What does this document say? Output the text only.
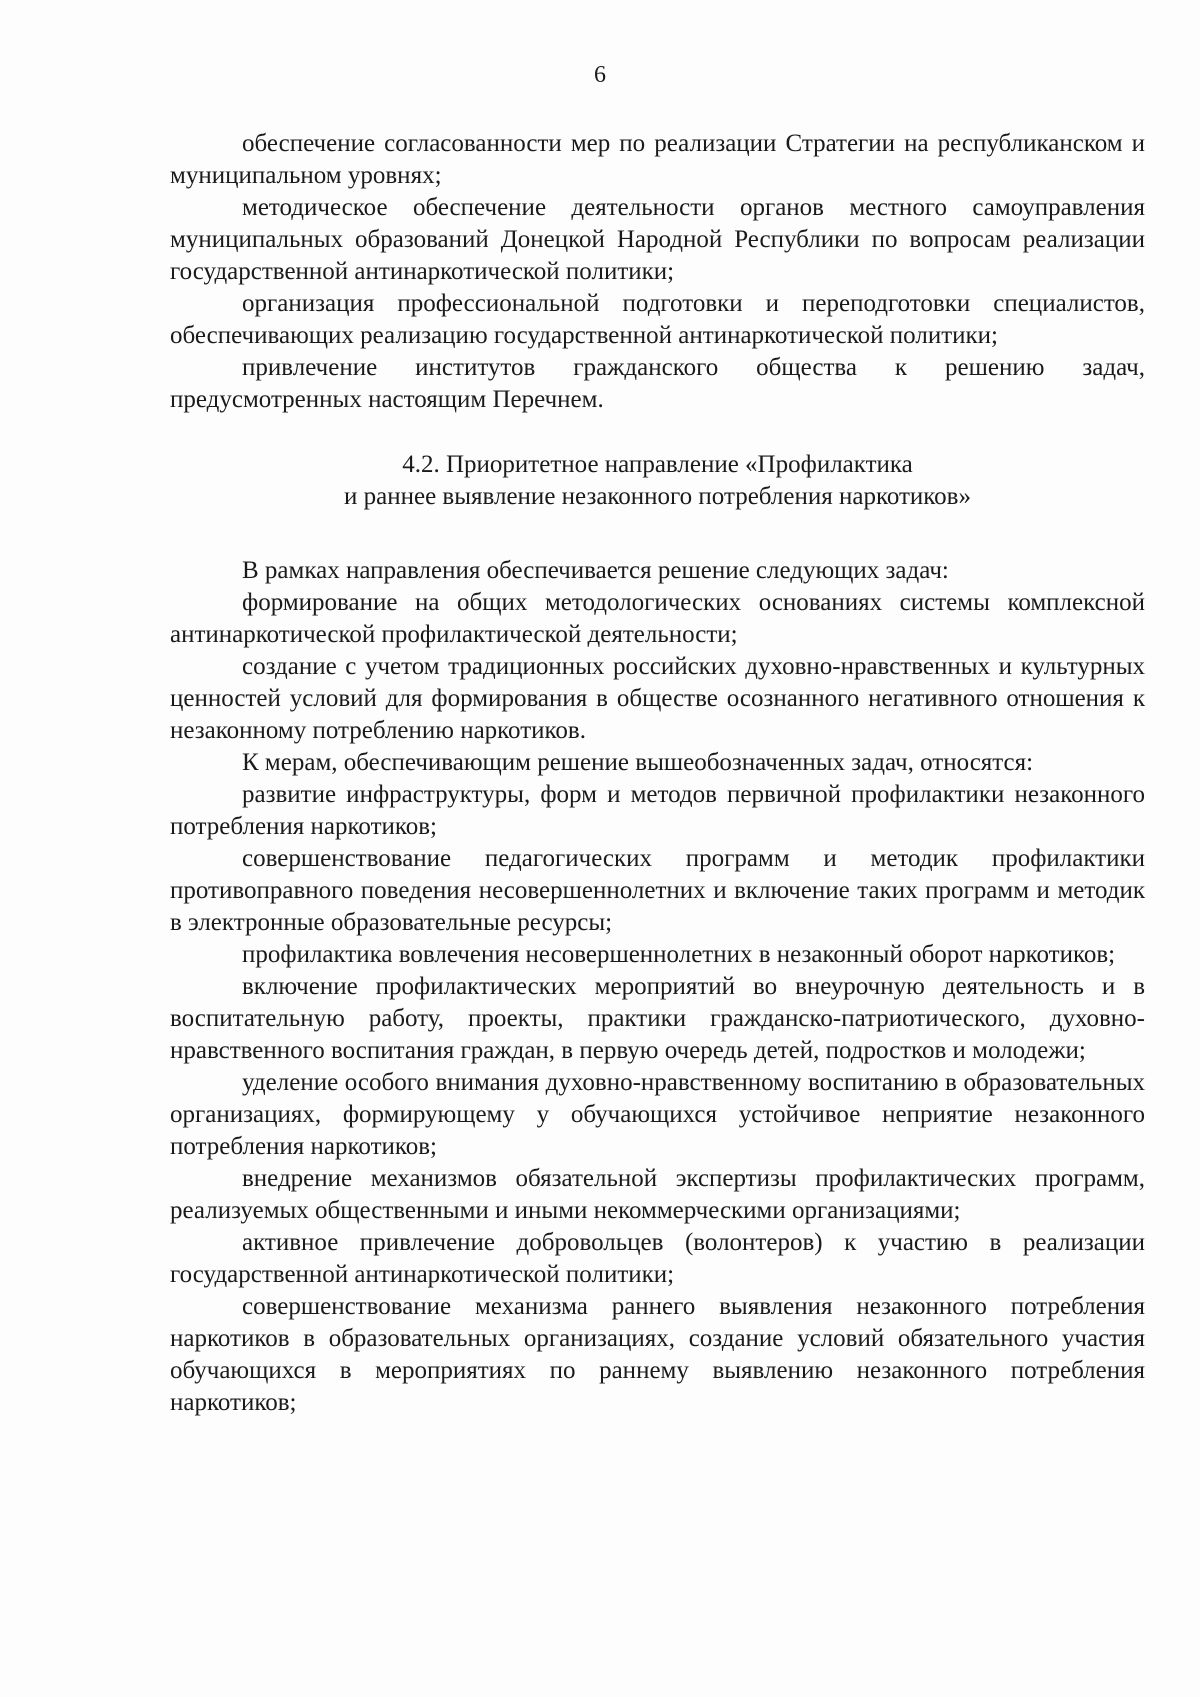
6

обеспечение согласованности мер по реализации Стратегии на республиканском и муниципальном уровнях;

методическое обеспечение деятельности органов местного самоуправления муниципальных образований Донецкой Народной Республики по вопросам реализации государственной антинаркотической политики;

организация профессиональной подготовки и переподготовки специалистов, обеспечивающих реализацию государственной антинаркотической политики;

привлечение институтов гражданского общества к решению задач, предусмотренных настоящим Перечнем.

4.2. Приоритетное направление «Профилактика
и раннее выявление незаконного потребления наркотиков»

В рамках направления обеспечивается решение следующих задач:

формирование на общих методологических основаниях системы комплексной антинаркотической профилактической деятельности;

создание с учетом традиционных российских духовно-нравственных и культурных ценностей условий для формирования в обществе осознанного негативного отношения к незаконному потреблению наркотиков.

К мерам, обеспечивающим решение вышеобозначенных задач, относятся:

развитие инфраструктуры, форм и методов первичной профилактики незаконного потребления наркотиков;

совершенствование педагогических программ и методик профилактики противоправного поведения несовершеннолетних и включение таких программ и методик в электронные образовательные ресурсы;

профилактика вовлечения несовершеннолетних в незаконный оборот наркотиков;

включение профилактических мероприятий во внеурочную деятельность и в воспитательную работу, проекты, практики гражданско-патриотического, духовно-нравственного воспитания граждан, в первую очередь детей, подростков и молодежи;

уделение особого внимания духовно-нравственному воспитанию в образовательных организациях, формирующему у обучающихся устойчивое неприятие незаконного потребления наркотиков;

внедрение механизмов обязательной экспертизы профилактических программ, реализуемых общественными и иными некоммерческими организациями;

активное привлечение добровольцев (волонтеров) к участию в реализации государственной антинаркотической политики;

совершенствование механизма раннего выявления незаконного потребления наркотиков в образовательных организациях, создание условий обязательного участия обучающихся в мероприятиях по раннему выявлению незаконного потребления наркотиков;
